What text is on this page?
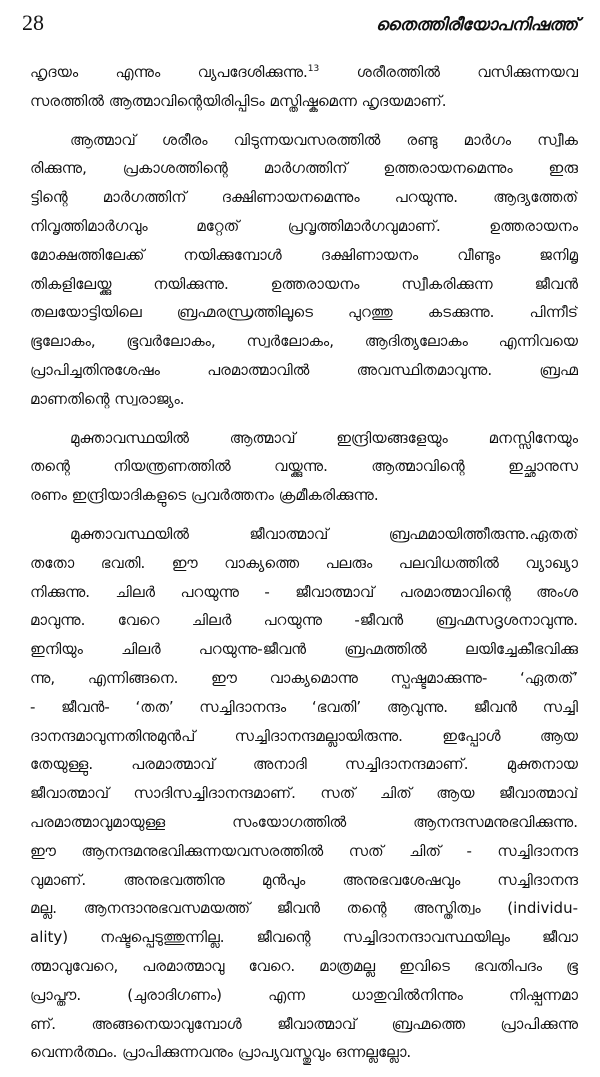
28	തൈത്തിരീയോപനിഷത്ത്
ഹൃദയം എന്നും വ്യപദേശിക്കുന്നു.$^{13}$ ശരീരത്തിൽ വസിക്കുന്നയവ
സരത്തിൽ ആത്മാവിന്റെയിരിപ്പിടം മസ്തിഷ്കമെന്ന ഹൃദയമാണ്.
ആത്മാവ് ശരീരം വിടുന്നയവസരത്തിൽ രണ്ടു മാർഗം സ്വീക
രിക്കുന്നു, പ്രകാശത്തിന്റെ മാർഗത്തിന് ഉത്തരായനമെന്നും ഇരു
ട്ടിന്റെ മാർഗത്തിന് ദക്ഷിണായനമെന്നും പറയുന്നു. ആദ്യത്തേത്
നിവൃത്തിമാർഗവും മറ്റേത് പ്രവൃത്തിമാർഗവുമാണ്. ഉത്തരായനം
മോക്ഷത്തിലേക്ക് നയിക്കുമ്പോൾ ദക്ഷിണായനം വീണ്ടും ജനിമൃ
തികളിലേയ്ക്കു നയിക്കുന്നു. ഉത്തരായനം സ്വീകരിക്കുന്ന ജീവൻ
തലയോട്ടിയിലെ ബ്രഹ്മരന്ധ്രത്തിലൂടെ പുറത്തു കടക്കുന്നു. പിന്നീട്
ഭൂലോകം, ഭൂവർലോകം, സ്വർലോകം, ആദിത്യലോകം എന്നിവയെ
പ്രാപിച്ചതിനുശേഷം പരമാത്മാവിൽ അവസ്ഥിതമാവുന്നു. ബ്രഹ്മ
മാണതിന്റെ സ്വരാജ്യം.
മുക്താവസ്ഥയിൽ ആത്മാവ് ഇന്ദ്രിയങ്ങളേയും മനസ്സിനേയും
തന്റെ നിയന്ത്രണത്തിൽ വയ്ക്കുന്നു. ആത്മാവിന്റെ ഇച്ഛാനുസ
രണം ഇന്ദ്രിയാദികളുടെ പ്രവർത്തനം ക്രമീകരിക്കുന്നു.
മുക്താവസ്ഥയിൽ ജീവാത്മാവ് ബ്രഹ്മമായിത്തീരുന്നു.ഏതത്
തതോ ഭവതി. ഈ വാക്യത്തെ പലരും പലവിധത്തിൽ വ്യാഖ്യാ
നിക്കുന്നു. ചിലർ പറയുന്നു - ജീവാത്മാവ് പരമാത്മാവിന്റെ അംശ
മാവുന്നു. വേറെ ചിലർ പറയുന്നു -ജീവൻ ബ്രഹ്മസദൃശനാവുന്നു.
ഇനിയും ചിലർ പറയുന്നു-ജീവൻ ബ്രഹ്മത്തിൽ ലയിച്ചേകീഭവിക്കു
ന്നു, എന്നിങ്ങനെ. ഈ വാക്യമൊന്നു സ്പഷ്ടമാക്കുന്നു- ‘ഏതത്’
- ജീവൻ- ‘തത’ സച്ചിദാനന്ദം ‘ഭവതി’ ആവുന്നു. ജീവൻ സച്ചി
ദാനന്ദമാവുന്നതിനുമുൻപ് സച്ചിദാനന്ദമല്ലായിരുന്നു. ഇപ്പോൾ ആയ
തേയുള്ളു. പരമാത്മാവ് അനാദി സച്ചിദാനന്ദമാണ്. മുക്തനായ
ജീവാത്മാവ് സാദിസച്ചിദാനന്ദമാണ്. സത് ചിത് ആയ ജീവാത്മാവ്
പരമാത്മാവുമായുള്ള സംയോഗത്തിൽ ആനന്ദസമനുഭവിക്കുന്നു.
ഈ ആനന്ദമനുഭവിക്കുന്നയവസരത്തിൽ സത് ചിത് - സച്ചിദാനന്ദ
വുമാണ്. അനുഭവത്തിനു മുൻപും അനുഭവശേഷവും സച്ചിദാനന്ദ
മല്ല. ആനന്ദാനുഭവസമയത്ത് ജീവൻ തന്റെ അസ്തിത്വം (individu-
ality) നഷ്ടപ്പെടുത്തുന്നില്ല. ജീവന്റെ സച്ചിദാനന്ദാവസ്ഥയിലും ജീവാ
ത്മാവുവേറെ, പരമാത്മാവു വേറെ. മാത്രമല്ല ഇവിടെ ഭവതിപദം ഭൂ
പ്രാപ്തൗ. (ചുരാദിഗണം) എന്ന ധാതുവിൽനിന്നും നിഷ്പന്നമാ
ണ്. അങ്ങനെയാവുമ്പോൾ ജീവാത്മാവ് ബ്രഹ്മത്തെ പ്രാപിക്കുന്നു
വെന്നർത്ഥം. പ്രാപിക്കുന്നവനും പ്രാപ്യവസ്തുവും ഒന്നല്ലല്ലോ.
